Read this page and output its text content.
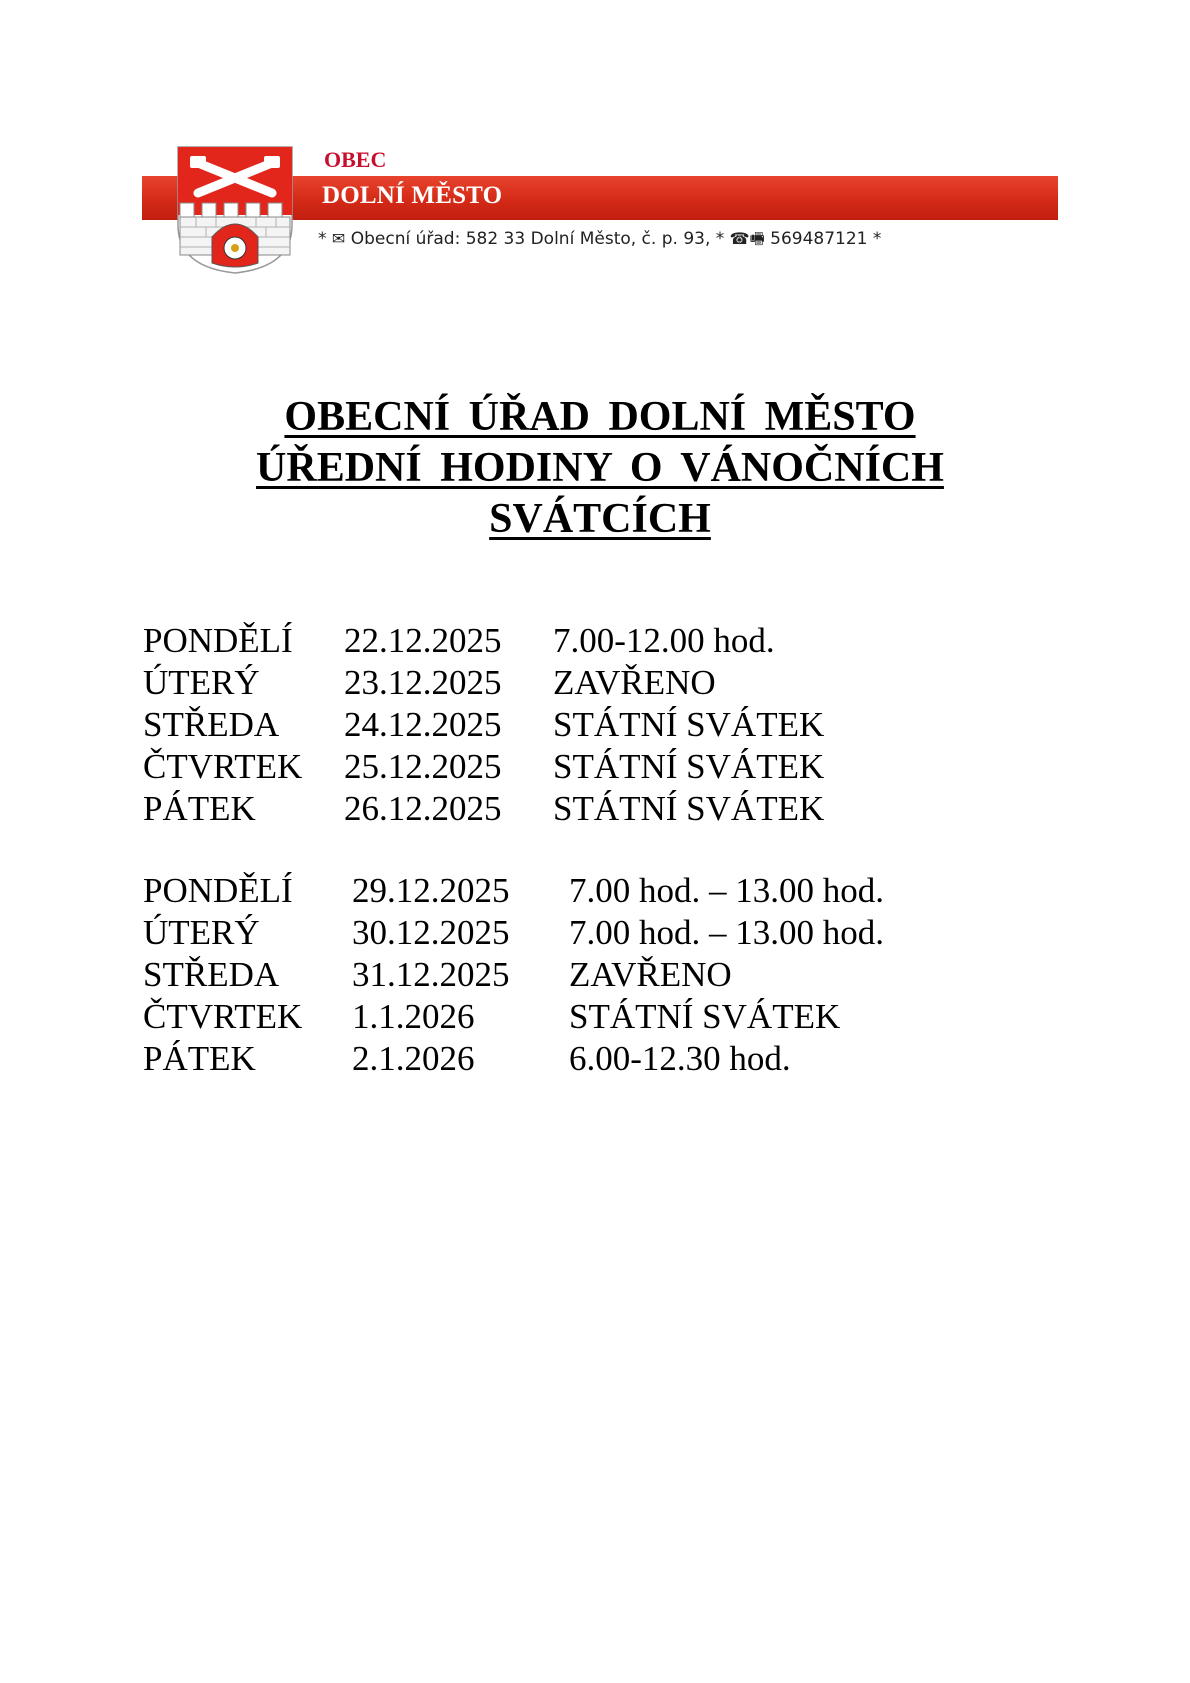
OBEC
DOLNÍ MĚSTO
* ✉ Obecní úřad: 582 33 Dolní Město, č. p. 93, * ☎🖷 569487121 *
OBECNÍ ÚŘAD DOLNÍ MĚSTO
ÚŘEDNÍ HODINY O VÁNOČNÍCH
SVÁTCÍCH
PONDĚLÍ 22.12.2025 7.00-12.00 hod.
ÚTERÝ 23.12.2025 ZAVŘENO
STŘEDA 24.12.2025 STÁTNÍ SVÁTEK
ČTVRTEK 25.12.2025 STÁTNÍ SVÁTEK
PÁTEK	26.12.2025 STÁTNÍ SVÁTEK
PONDĚLÍ 29.12.2025 7.00 hod. – 13.00 hod.
ÚTERÝ	30.12.2025 7.00 hod. – 13.00 hod.
STŘEDA 31.12.2025 ZAVŘENO
ČTVRTEK 1.1.2026	STÁTNÍ SVÁTEK
PÁTEK	2.1.2026	6.00-12.30 hod.
